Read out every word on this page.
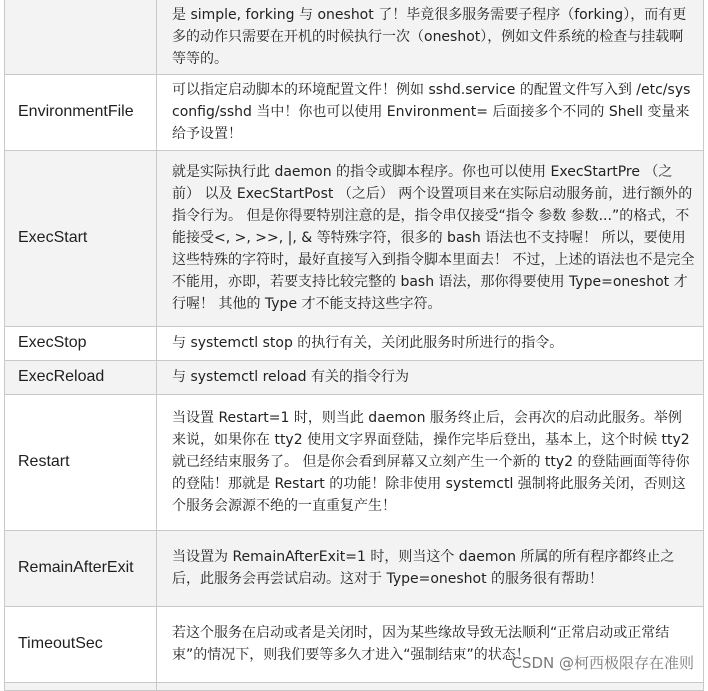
	是 simple, forking 与 oneshot 了！毕竟很多服务需要子程序（forking），而有更多的动作只需要在开机的时候执行一次（oneshot），例如文件系统的检查与挂载啊等等的。

EnvironmentFile	可以指定启动脚本的环境配置文件！例如 sshd.service 的配置文件写入到 /etc/sysconfig/sshd 当中！你也可以使用 Environment= 后面接多个不同的 Shell 变量来给予设置！

ExecStart	就是实际执行此 daemon 的指令或脚本程序。你也可以使用 ExecStartPre （之前） 以及 ExecStartPost （之后） 两个设置项目来在实际启动服务前，进行额外的指令行为。 但是你得要特别注意的是，指令串仅接受“指令 参数 参数...”的格式，不能接受<, >, >>, |, & 等特殊字符，很多的 bash 语法也不支持喔！ 所以，要使用这些特殊的字符时，最好直接写入到指令脚本里面去！ 不过，上述的语法也不是完全不能用，亦即，若要支持比较完整的 bash 语法，那你得要使用 Type=oneshot 才行喔！ 其他的 Type 才不能支持这些字符。

ExecStop	与 systemctl stop 的执行有关，关闭此服务时所进行的指令。

ExecReload	与 systemctl reload 有关的指令行为

Restart	当设置 Restart=1 时，则当此 daemon 服务终止后，会再次的启动此服务。举例来说，如果你在 tty2 使用文字界面登陆，操作完毕后登出，基本上，这个时候 tty2 就已经结束服务了。 但是你会看到屏幕又立刻产生一个新的 tty2 的登陆画面等待你的登陆！那就是 Restart 的功能！除非使用 systemctl 强制将此服务关闭，否则这个服务会源源不绝的一直重复产生！

RemainAfterExit	当设置为 RemainAfterExit=1 时，则当这个 daemon 所属的所有程序都终止之后，此服务会再尝试启动。这对于 Type=oneshot 的服务很有帮助！

TimeoutSec	若这个服务在启动或者是关闭时，因为某些缘故导致无法顺利“正常启动或正常结束”的情况下，则我们要等多久才进入“强制结束”的状态！

CSDN @柯西极限存在准则
